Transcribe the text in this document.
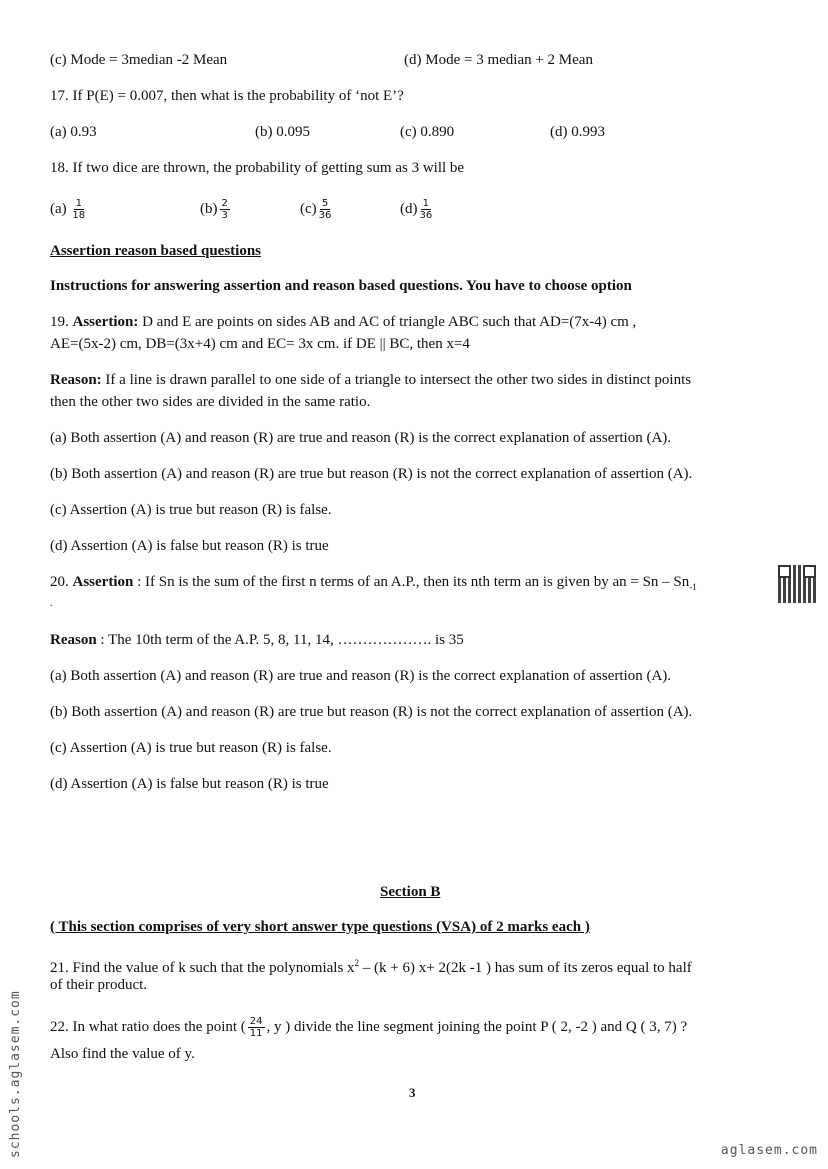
(c) Mode = 3median -2 Mean	(d) Mode = 3 median + 2 Mean
17. If P(E) = 0.007, then what is the probability of ‘not E’?
(a) 0.93	(b) 0.095	(c) 0.890	(d) 0.993
18. If two dice are thrown, the probability of getting sum as 3 will be
$(a) \frac{1}{18}$	$(b) \frac{2}{3}$	$(c) \frac{5}{36}$	$(d) \frac{1}{36}$
Assertion reason based questions
Instructions for answering assertion and reason based questions. You have to choose option
19. Assertion: D and E are points on sides AB and AC of triangle ABC such that AD=(7x-4) cm ,
AE=(5x-2) cm, DB=(3x+4) cm and EC= 3x cm. if DE || BC, then x=4
Reason: If a line is drawn parallel to one side of a triangle to intersect the other two sides in distinct points
then the other two sides are divided in the same ratio.
(a) Both assertion (A) and reason (R) are true and reason (R) is the correct explanation of assertion (A).
(b) Both assertion (A) and reason (R) are true but reason (R) is not the correct explanation of assertion (A).
(c) Assertion (A) is true but reason (R) is false.
(d) Assertion (A) is false but reason (R) is true
20. Assertion : If Sn is the sum of the first n terms of an A.P., then its nth term an is given by an = Sn – $Sn_{-1}$
.
Reason : The 10th term of the A.P. 5, 8, 11, 14, ………………. is 35
(a) Both assertion (A) and reason (R) are true and reason (R) is the correct explanation of assertion (A).
(b) Both assertion (A) and reason (R) are true but reason (R) is not the correct explanation of assertion (A).
(c) Assertion (A) is true but reason (R) is false.
(d) Assertion (A) is false but reason (R) is true
Section B
( This section comprises of very short answer type questions (VSA) of 2 marks each )
21. Find the value of k such that the polynomials $x^2 - (k + 6)$ x+ 2(2k -1 ) has sum of its zeros equal to half
of their product.
22. In what ratio does the point ( $\frac{24}{11}$ , y ) divide the line segment joining the point P ( 2, -2 ) and Q ( 3, 7) ?
Also find the value of y.
3
schools.aglasem.com	aglasem.com
